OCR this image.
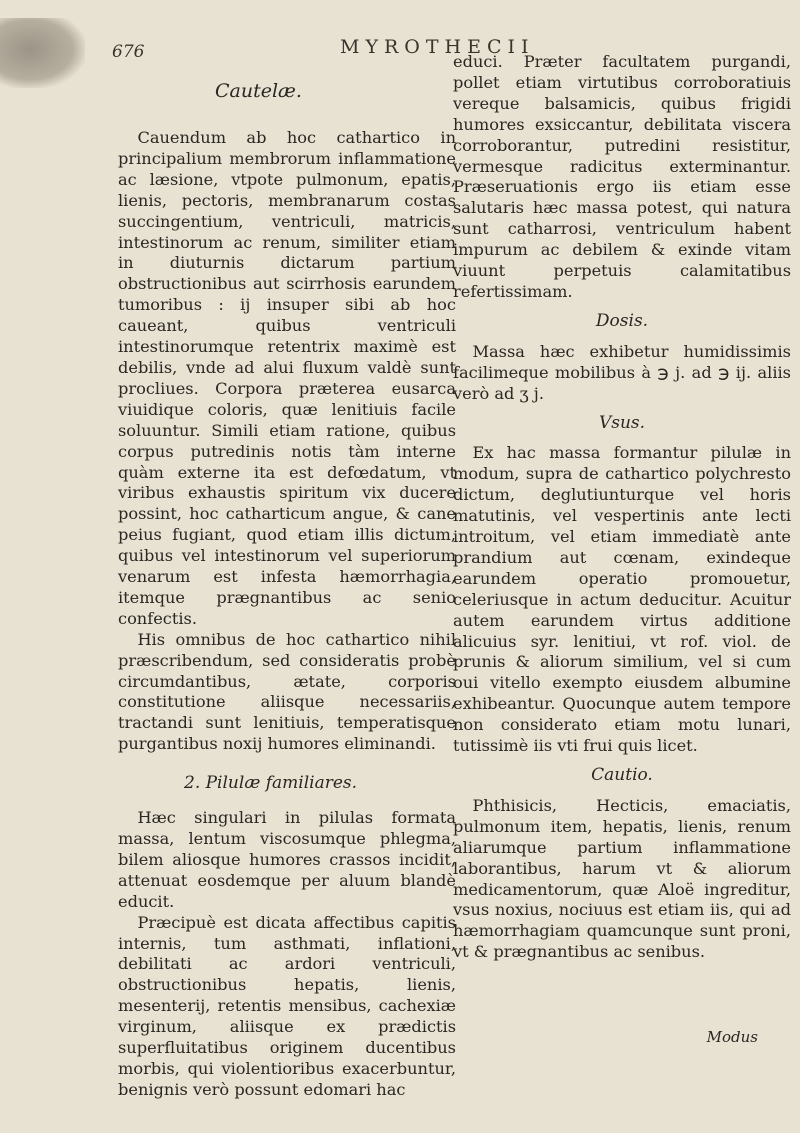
676	MYROTHECII
Cautelæ.

Cauendum ab hoc cathartico in principalium membrorum inflammatione ac læsione, vtpote pulmonum, epatis, lienis, pectoris, membranarum costas succingentium, ventriculi, matricis, intestinorum ac renum, similiter etiam in diuturnis dictarum partium obstructionibus aut scirrhosis earundem tumoribus : ij insuper sibi ab hoc caueant, quibus ventriculi intestinorumque retentrix maximè est debilis, vnde ad alui fluxum valdè sunt procliues. Corpora præterea eusarca viuidique coloris, quæ lenitiuis facile soluuntur. Simili etiam ratione, quibus corpus putredinis notis tàm interne quàm externe ita est defœdatum, vt viribus exhaustis spiritum vix ducere possint, hoc catharticum angue, & cane peius fugiant, quod etiam illis dictum, quibus vel intestinorum vel superiorum venarum est infesta hæmorrhagia, itemque prægnantibus ac senio confectis.

His omnibus de hoc cathartico nihil præscribendum, sed consideratis probè circumdantibus, ætate, corporis constitutione aliisque necessariis, tractandi sunt lenitiuis, temperatisque purgantibus noxij humores eliminandi.

2. Pilulæ familiares.

Hæc singulari in pilulas formata massa, lentum viscosumque phlegma, bilem aliosque humores crassos incidit, attenuat eosdemque per aluum blandè educit.

Præcipuè est dicata affectibus capitis internis, tum asthmati, inflationi, debilitati ac ardori ventriculi, obstructionibus hepatis, lienis, mesenterij, retentis mensibus, cachexiæ virginum, aliisque ex prædictis superfluitatibus originem ducentibus morbis, qui violentioribus exacerbuntur, benignis verò possunt edomari hac

educi. Præter facultatem purgandi, pollet etiam virtutibus corroboratiuis vereque balsamicis, quibus frigidi humores exsiccantur, debilitata viscera corroborantur, putredini resistitur, vermesque radicitus exterminantur. Præseruationis ergo iis etiam esse salutaris hæc massa potest, qui natura sunt catharrosi, ventriculum habent impurum ac debilem & exinde vitam viuunt perpetuis calamitatibus refertissimam.

Dosis.

Massa hæc exhibetur humidissimis facilimeque mobilibus à ℈ j. ad ℈ ij. aliis verò ad ʒ j.

Vsus.

Ex hac massa formantur pilulæ in modum, supra de cathartico polychresto dictum, deglutiunturque vel horis matutinis, vel vespertinis ante lecti introitum, vel etiam immediatè ante prandium aut cœnam, exindeque earundem operatio promouetur, celeriusque in actum deducitur. Acuitur autem earundem virtus additione alicuius syr. lenitiui, vt rof. viol. de prunis & aliorum similium, vel si cum oui vitello exempto eiusdem albumine exhibeantur. Quocunque autem tempore non considerato etiam motu lunari, tutissimè iis vti frui quis licet.

Cautio.

Phthisicis, Hecticis, emaciatis, pulmonum item, hepatis, lienis, renum aliarumque partium inflammatione laborantibus, harum vt & aliorum medicamentorum, quæ Aloë ingreditur, vsus noxius, nociuus est etiam iis, qui ad hæmorrhagiam quamcunque sunt proni, vt & prægnantibus ac senibus.

Modus
